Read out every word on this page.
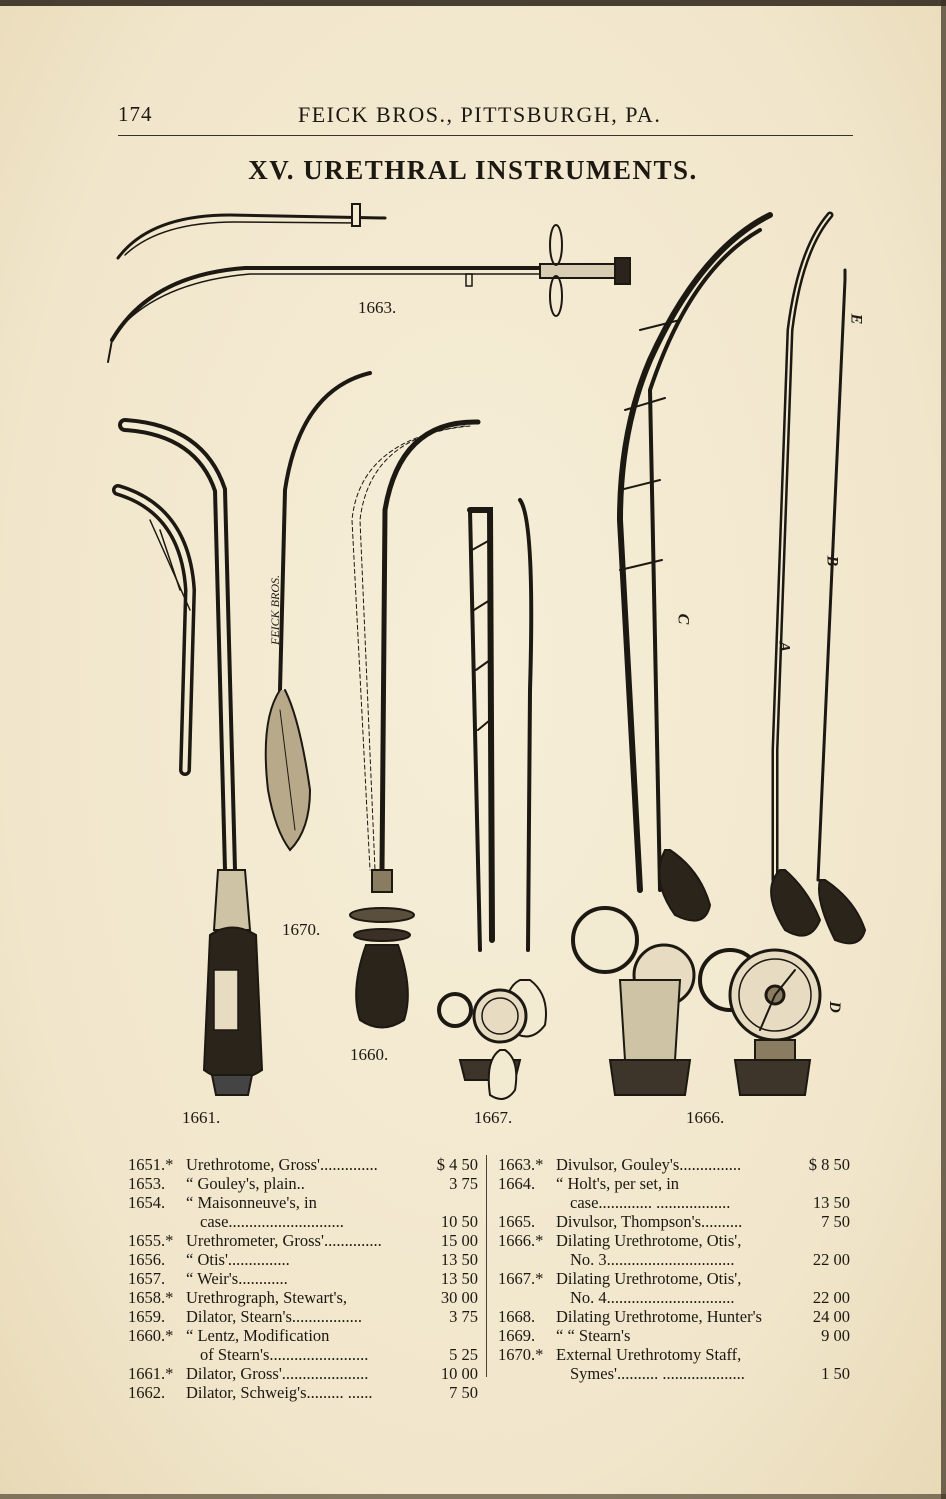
174	FEICK BROS., PITTSBURGH, PA.
XV. URETHRAL INSTRUMENTS.
1663.
1670.
1660.
1661.	1667.	1666.
E
B
C
A
D
FEICK BROS.
1651.* Urethrotome, Gross'..............	$ 4 50
1653. “ Gouley's, plain..	3 75
1654. “ Maisonneuve's, in
case............................	10 50
1655.* Urethrometer, Gross'..............	15 00
1656. “ Otis'...............	13 50
1657. “ Weir's............	13 50
1658.* Urethrograph, Stewart's,	30 00
1659. Dilator, Stearn's.................	3 75
1660.* “ Lentz, Modification
of Stearn's........................	5 25
1661.* Dilator, Gross'.....................	10 00
1662. Dilator, Schweig's......... ......	7 50
1663.* Divulsor, Gouley's...............	$ 8 50
1664. “ Holt's, per set, in
case............. ..................	13 50
1665. Divulsor, Thompson's..........	7 50
1666.* Dilating Urethrotome, Otis',
No. 3...............................	22 00
1667.* Dilating Urethrotome, Otis',
No. 4...............................	22 00
1668. Dilating Urethrotome, Hunter's	24 00
1669. “ “ Stearn's	9 00
1670.* External Urethrotomy Staff,
Symes'.......... ....................	1 50
